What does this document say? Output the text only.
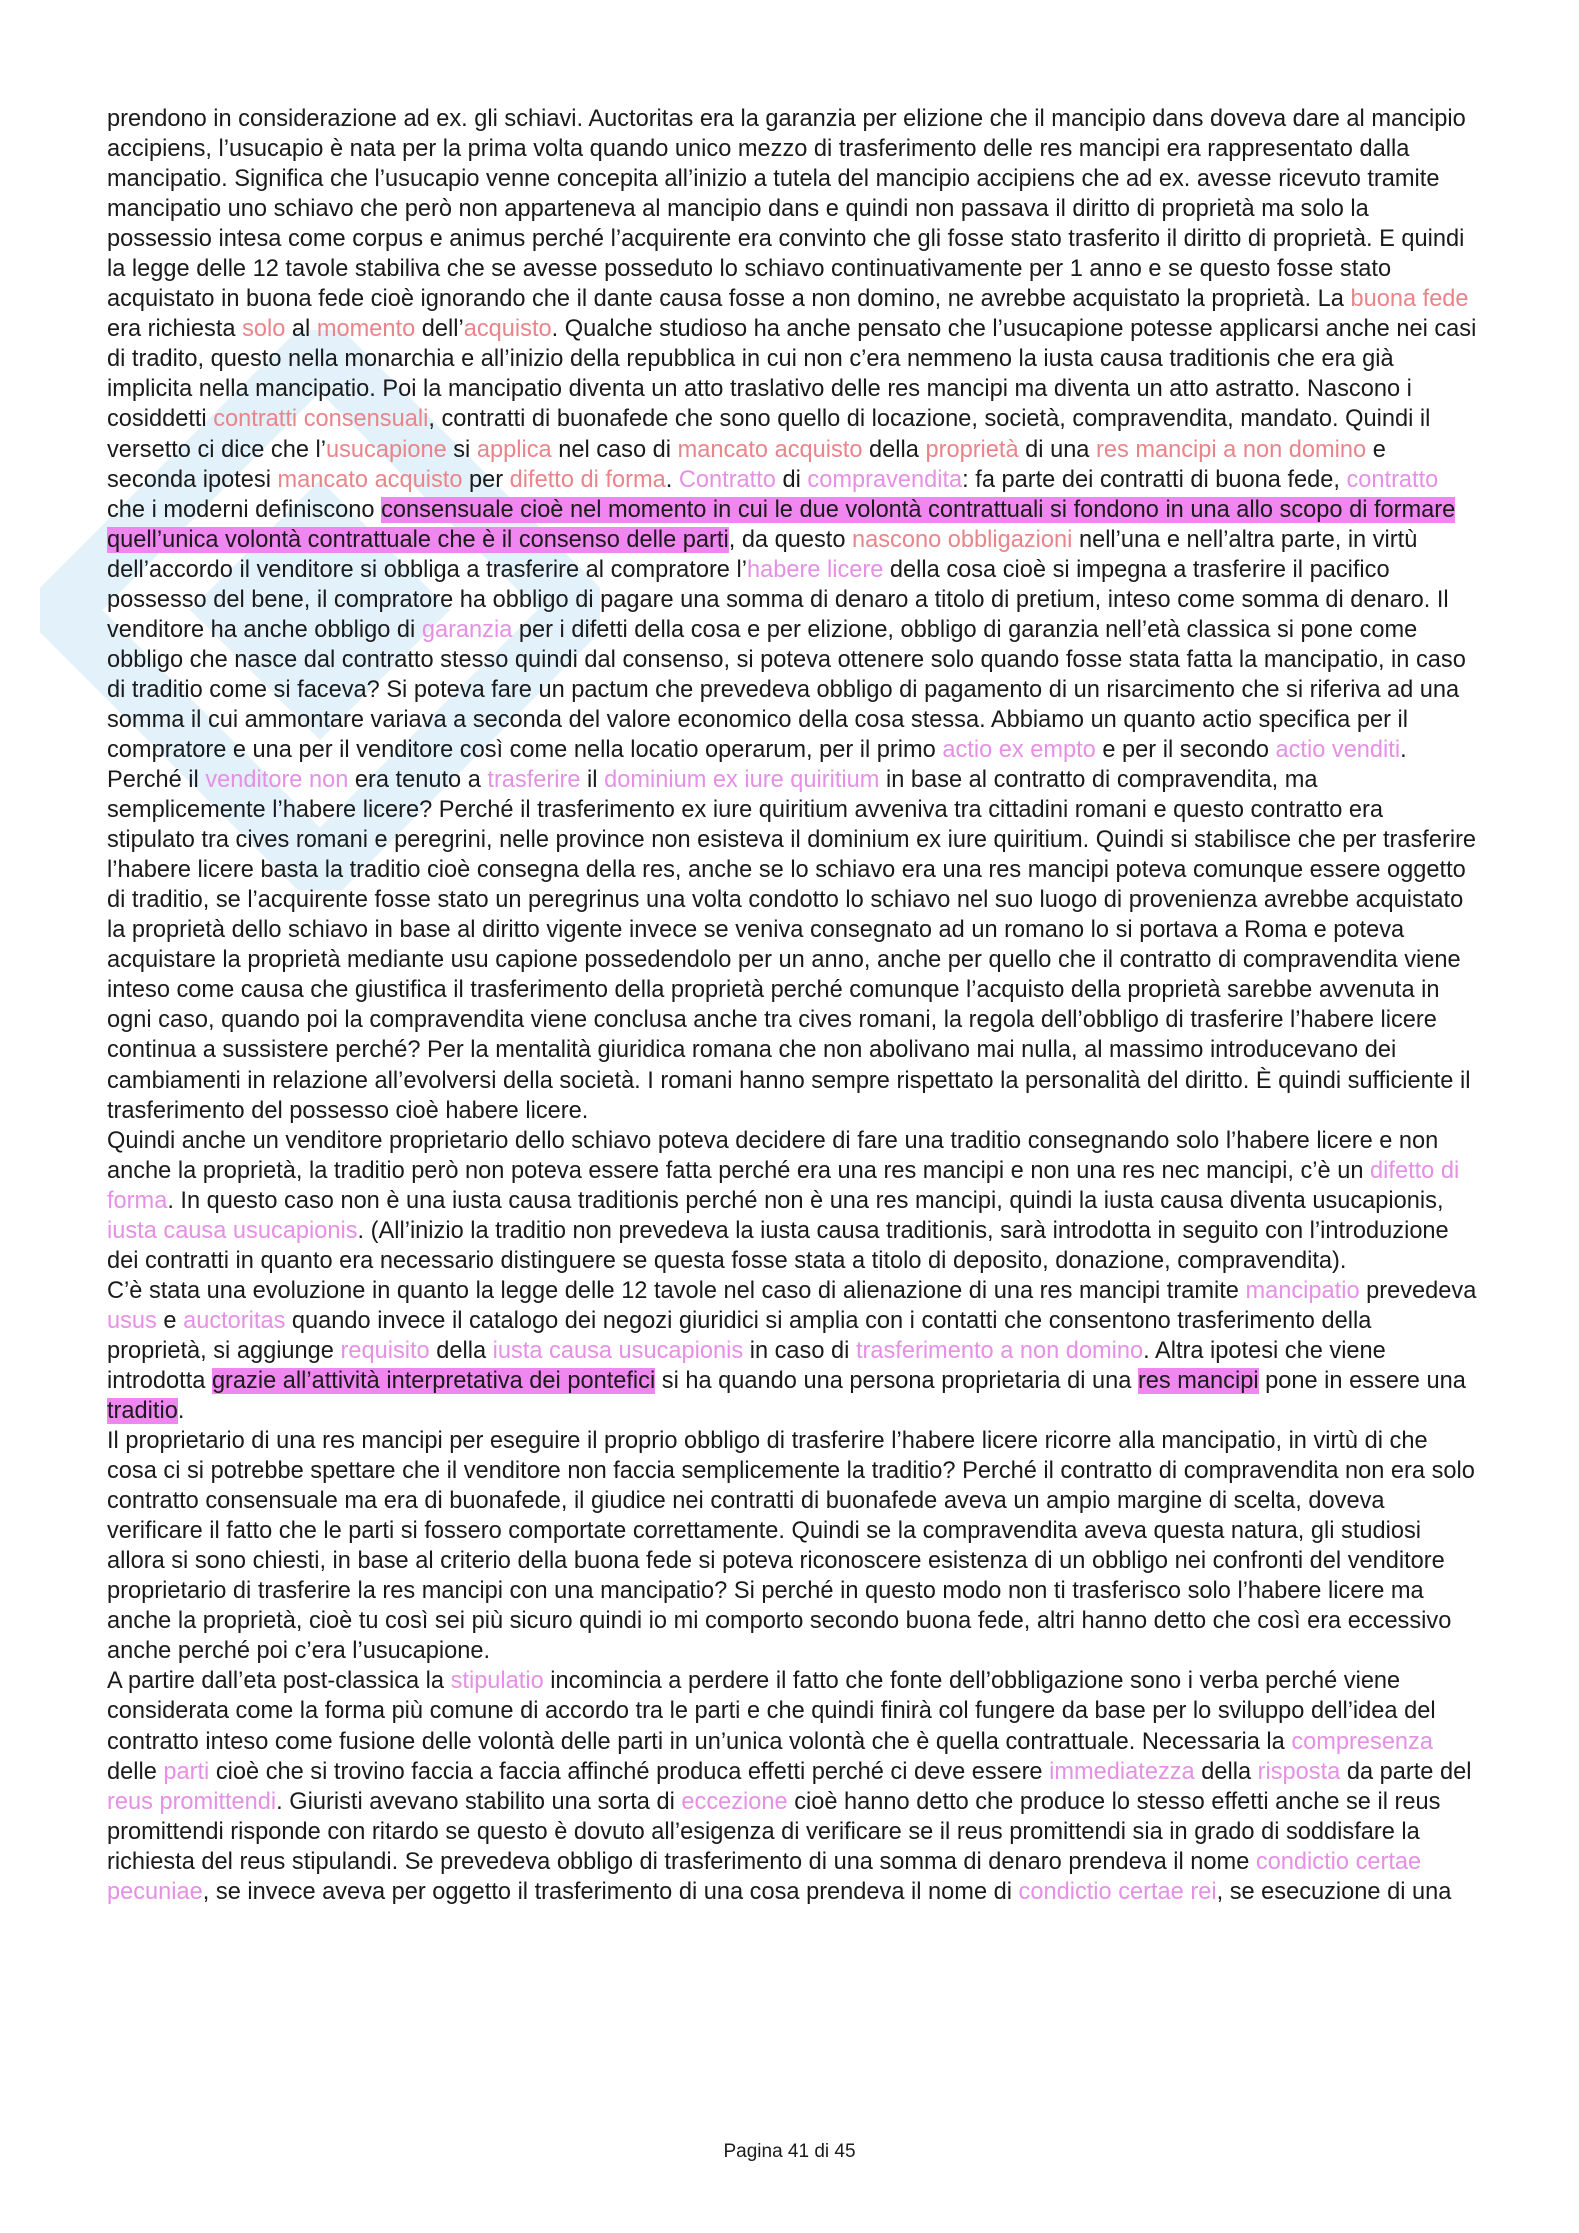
prendono in considerazione ad ex. gli schiavi. Auctoritas era la garanzia per elizione che il mancipio dans doveva dare al mancipio accipiens, l’usucapio è nata per la prima volta quando unico mezzo di trasferimento delle res mancipi era rappresentato dalla mancipatio. Significa che l’usucapio venne concepita all’inizio a tutela del mancipio accipiens che ad ex. avesse ricevuto tramite mancipatio uno schiavo che però non apparteneva al mancipio dans e quindi non passava il diritto di proprietà ma solo la possessio intesa come corpus e animus perché l’acquirente era convinto che gli fosse stato trasferito il diritto di proprietà. E quindi la legge delle 12 tavole stabiliva che se avesse posseduto lo schiavo continuativamente per 1 anno e se questo fosse stato acquistato in buona fede cioè ignorando che il dante causa fosse a non domino, ne avrebbe acquistato la proprietà. La buona fede era richiesta solo al momento dell’acquisto. Qualche studioso ha anche pensato che l’usucapione potesse applicarsi anche nei casi di tradito, questo nella monarchia e all’inizio della repubblica in cui non c’era nemmeno la iusta causa traditionis che era già implicita nella mancipatio. Poi la mancipatio diventa un atto traslativo delle res mancipi ma diventa un atto astratto. Nascono i cosiddetti contratti consensuali, contratti di buonafede che sono quello di locazione, società, compravendita, mandato. Quindi il versetto ci dice che l’usucapione si applica nel caso di mancato acquisto della proprietà di una res mancipi a non domino e seconda ipotesi mancato acquisto per difetto di forma. Contratto di compravendita: fa parte dei contratti di buona fede, contratto che i moderni definiscono consensuale cioè nel momento in cui le due volontà contrattuali si fondono in una allo scopo di formare quell’unica volontà contrattuale che è il consenso delle parti, da questo nascono obbligazioni nell’una e nell’altra parte, in virtù dell’accordo il venditore si obbliga a trasferire al compratore l’habere licere della cosa cioè si impegna a trasferire il pacifico possesso del bene, il compratore ha obbligo di pagare una somma di denaro a titolo di pretium, inteso come somma di denaro. Il venditore ha anche obbligo di garanzia per i difetti della cosa e per elizione, obbligo di garanzia nell’età classica si pone come obbligo che nasce dal contratto stesso quindi dal consenso, si poteva ottenere solo quando fosse stata fatta la mancipatio, in caso di traditio come si faceva? Si poteva fare un pactum che prevedeva obbligo di pagamento di un risarcimento che si riferiva ad una somma il cui ammontare variava a seconda del valore economico della cosa stessa. Abbiamo un quanto actio specifica per il compratore e una per il venditore così come nella locatio operarum, per il primo actio ex empto e per il secondo actio venditi.

Perché il venditore non era tenuto a trasferire il dominium ex iure quiritium in base al contratto di compravendita, ma semplicemente l’habere licere? Perché il trasferimento ex iure quiritium avveniva tra cittadini romani e questo contratto era stipulato tra cives romani e peregrini, nelle province non esisteva il dominium ex iure quiritium. Quindi si stabilisce che per trasferire l’habere licere basta la traditio cioè consegna della res, anche se lo schiavo era una res mancipi poteva comunque essere oggetto di traditio, se l’acquirente fosse stato un peregrinus una volta condotto lo schiavo nel suo luogo di provenienza avrebbe acquistato la proprietà dello schiavo in base al diritto vigente invece se veniva consegnato ad un romano lo si portava a Roma e poteva acquistare la proprietà mediante usu capione possedendolo per un anno, anche per quello che il contratto di compravendita viene inteso come causa che giustifica il trasferimento della proprietà perché comunque l’acquisto della proprietà sarebbe avvenuta in ogni caso, quando poi la compravendita viene conclusa anche tra cives romani, la regola dell’obbligo di trasferire l’habere licere continua a sussistere perché? Per la mentalità giuridica romana che non abolivano mai nulla, al massimo introducevano dei cambiamenti in relazione all’evolversi della società. I romani hanno sempre rispettato la personalità del diritto. È quindi sufficiente il trasferimento del possesso cioè habere licere.

Quindi anche un venditore proprietario dello schiavo poteva decidere di fare una traditio consegnando solo l’habere licere e non anche la proprietà, la traditio però non poteva essere fatta perché era una res mancipi e non una res nec mancipi, c’è un difetto di forma. In questo caso non è una iusta causa traditionis perché non è una res mancipi, quindi la iusta causa diventa usucapionis, iusta causa usucapionis. (All’inizio la traditio non prevedeva la iusta causa traditionis, sarà introdotta in seguito con l’introduzione dei contratti in quanto era necessario distinguere se questa fosse stata a titolo di deposito, donazione, compravendita).

C’è stata una evoluzione in quanto la legge delle 12 tavole nel caso di alienazione di una res mancipi tramite mancipatio prevedeva usus e auctoritas quando invece il catalogo dei negozi giuridici si amplia con i contatti che consentono trasferimento della proprietà, si aggiunge requisito della iusta causa usucapionis in caso di trasferimento a non domino. Altra ipotesi che viene introdotta grazie all’attività interpretativa dei pontefici si ha quando una persona proprietaria di una res mancipi pone in essere una traditio.

Il proprietario di una res mancipi per eseguire il proprio obbligo di trasferire l’habere licere ricorre alla mancipatio, in virtù di che cosa ci si potrebbe spettare che il venditore non faccia semplicemente la traditio? Perché il contratto di compravendita non era solo contratto consensuale ma era di buonafede, il giudice nei contratti di buonafede aveva un ampio margine di scelta, doveva verificare il fatto che le parti si fossero comportate correttamente. Quindi se la compravendita aveva questa natura, gli studiosi allora si sono chiesti, in base al criterio della buona fede si poteva riconoscere esistenza di un obbligo nei confronti del venditore proprietario di trasferire la res mancipi con una mancipatio? Si perché in questo modo non ti trasferisco solo l’habere licere ma anche la proprietà, cioè tu così sei più sicuro quindi io mi comporto secondo buona fede, altri hanno detto che così era eccessivo anche perché poi c’era l’usucapione.

A partire dall’eta post-classica la stipulatio incomincia a perdere il fatto che fonte dell’obbligazione sono i verba perché viene considerata come la forma più comune di accordo tra le parti e che quindi finirà col fungere da base per lo sviluppo dell’idea del contratto inteso come fusione delle volontà delle parti in un’unica volontà che è quella contrattuale. Necessaria la compresenza delle parti cioè che si trovino faccia a faccia affinché produca effetti perché ci deve essere immediatezza della risposta da parte del reus promittendi. Giuristi avevano stabilito una sorta di eccezione cioè hanno detto che produce lo stesso effetti anche se il reus promittendi risponde con ritardo se questo è dovuto all’esigenza di verificare se il reus promittendi sia in grado di soddisfare la richiesta del reus stipulandi. Se prevedeva obbligo di trasferimento di una somma di denaro prendeva il nome condictio certae pecuniae, se invece aveva per oggetto il trasferimento di una cosa prendeva il nome di condictio certae rei, se esecuzione di una

Pagina 41 di 45
